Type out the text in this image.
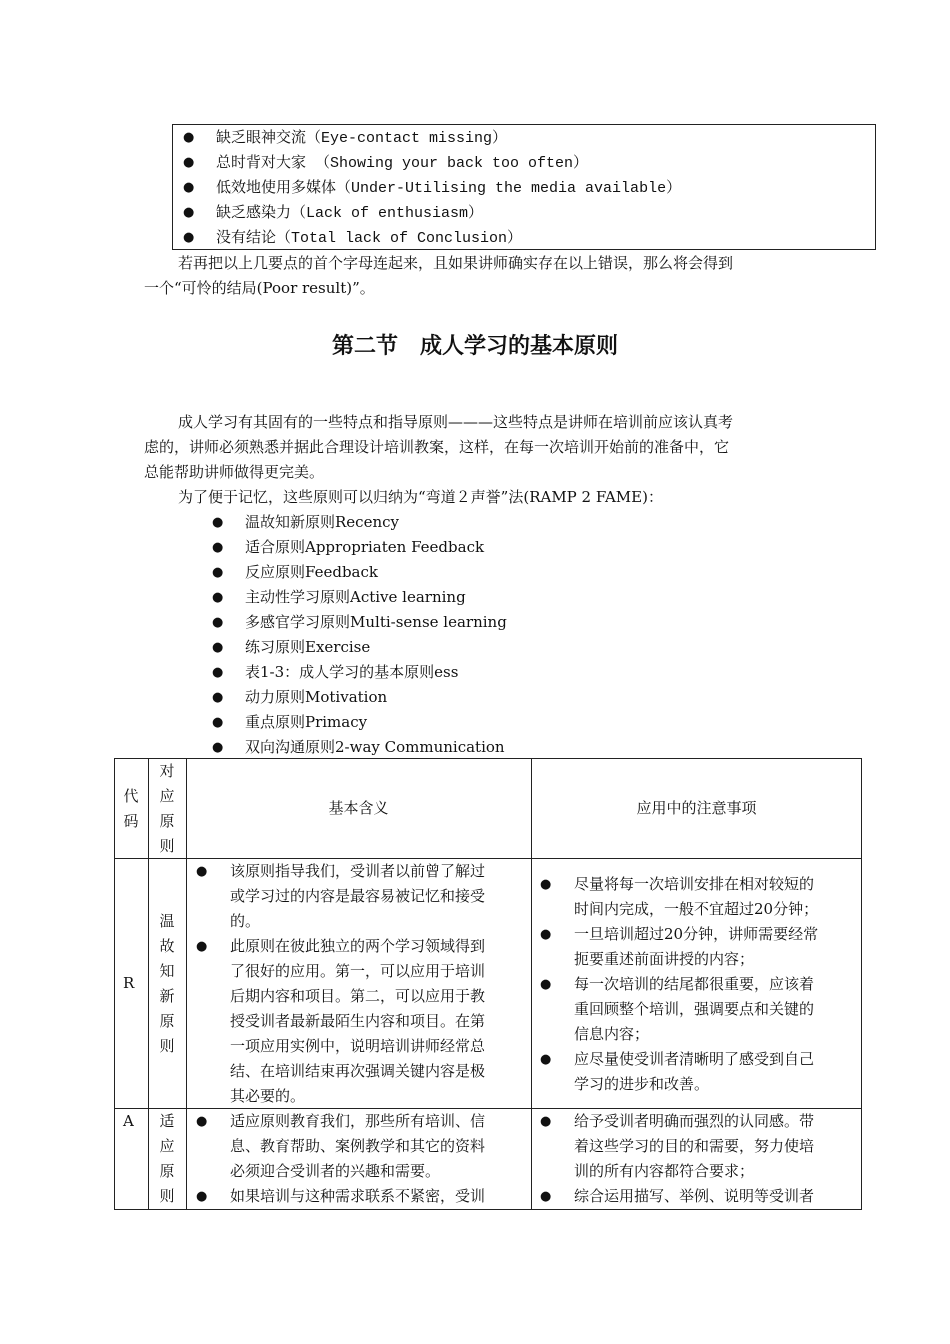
● 缺乏眼神交流（Eye-contact missing）
● 总时背对大家 （Showing your back too often）
● 低效地使用多媒体（Under-Utilising the media available）
● 缺乏感染力（Lack of enthusiasm）
● 没有结论（Total lack of Conclusion）
若再把以上几要点的首个字母连起来，且如果讲师确实存在以上错误，那么将会得到
一个“可怜的结局(Poor result)”。
第二节　成人学习的基本原则
成人学习有其固有的一些特点和指导原则———这些特点是讲师在培训前应该认真考
虑的，讲师必须熟悉并据此合理设计培训教案，这样，在每一次培训开始前的准备中，它
总能帮助讲师做得更完美。
为了便于记忆，这些原则可以归纳为“弯道２声誉”法(RAMP 2 FAME)：
● 温故知新原则Recency
● 适合原则Appropriaten Feedback
● 反应原则Feedback
● 主动性学习原则Active learning
● 多感官学习原则Multi-sense learning
● 练习原则Exercise
● 表1-3：成人学习的基本原则ess
● 动力原则Motivation
● 重点原则Primacy
● 双向沟通原则2-way Communication
代
码
对
应
原
则
基本含义	应用中的注意事项
R
温
故
知
新
原
则
● 该原则指导我们，受训者以前曾了解过
或学习过的内容是最容易被记忆和接受
的。
● 此原则在彼此独立的两个学习领域得到
了很好的应用。第一，可以应用于培训
后期内容和项目。第二，可以应用于教
授受训者最新最陌生内容和项目。在第
一项应用实例中，说明培训讲师经常总
结、在培训结束再次强调关键内容是极
其必要的。
● 尽量将每一次培训安排在相对较短的
时间内完成，一般不宜超过20分钟；
● 一旦培训超过20分钟，讲师需要经常
扼要重述前面讲授的内容；
● 每一次培训的结尾都很重要，应该着
重回顾整个培训，强调要点和关键的
信息内容；
● 应尽量使受训者清晰明了感受到自己
学习的进步和改善。
A 适
应
原
则
● 适应原则教育我们，那些所有培训、信
息、教育帮助、案例教学和其它的资料
必须迎合受训者的兴趣和需要。
● 如果培训与这种需求联系不紧密，受训
● 给予受训者明确而强烈的认同感。带
着这些学习的目的和需要，努力使培
训的所有内容都符合要求；
● 综合运用描写、举例、说明等受训者
